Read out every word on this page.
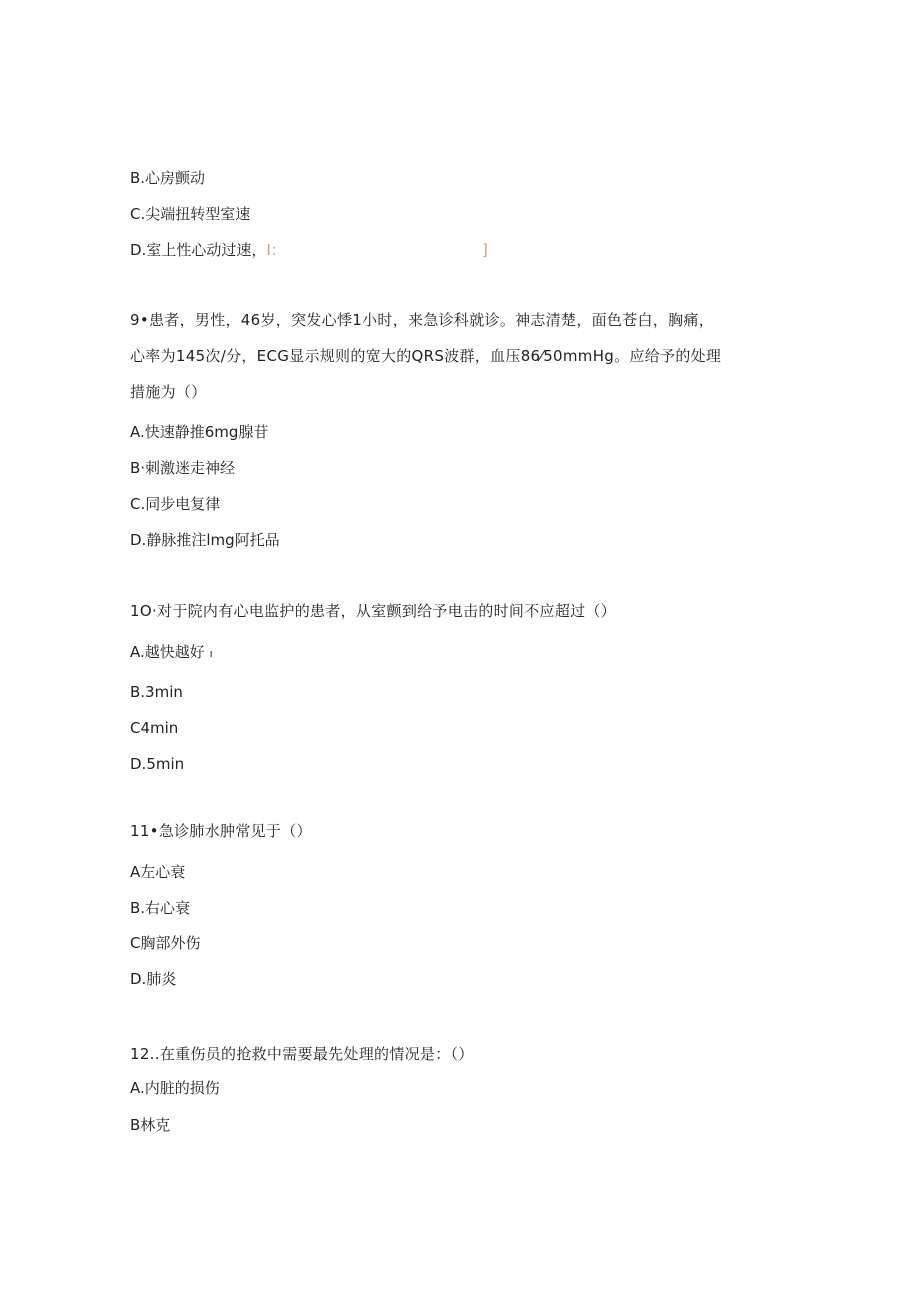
B.心房颤动
C.尖端扭转型室速
D.室上性心动过速，I：	]
9•患者，男性，46岁，突发心悸1小时，来急诊科就诊。神志清楚，面色苍白，胸痛，
心率为145次/分，ECG显示规则的宽大的QRS波群，血压86⁄50mmHg。应给予的处理
措施为（）
A.快速静推6mg腺苷
B·刺激迷走神经
C.同步电复律
D.静脉推注lmg阿托品
1O·对于院内有心电监护的患者，从室颤到给予电击的时间不应超过（）
A.越快越好 ı
B.3min
C4min
D.5min
11•急诊肺水肿常见于（）
A左心衰
B.右心衰
C胸部外伤
D.肺炎
12..在重伤员的抢救中需要最先处理的情况是：（）
A.内脏的损伤
B林克
